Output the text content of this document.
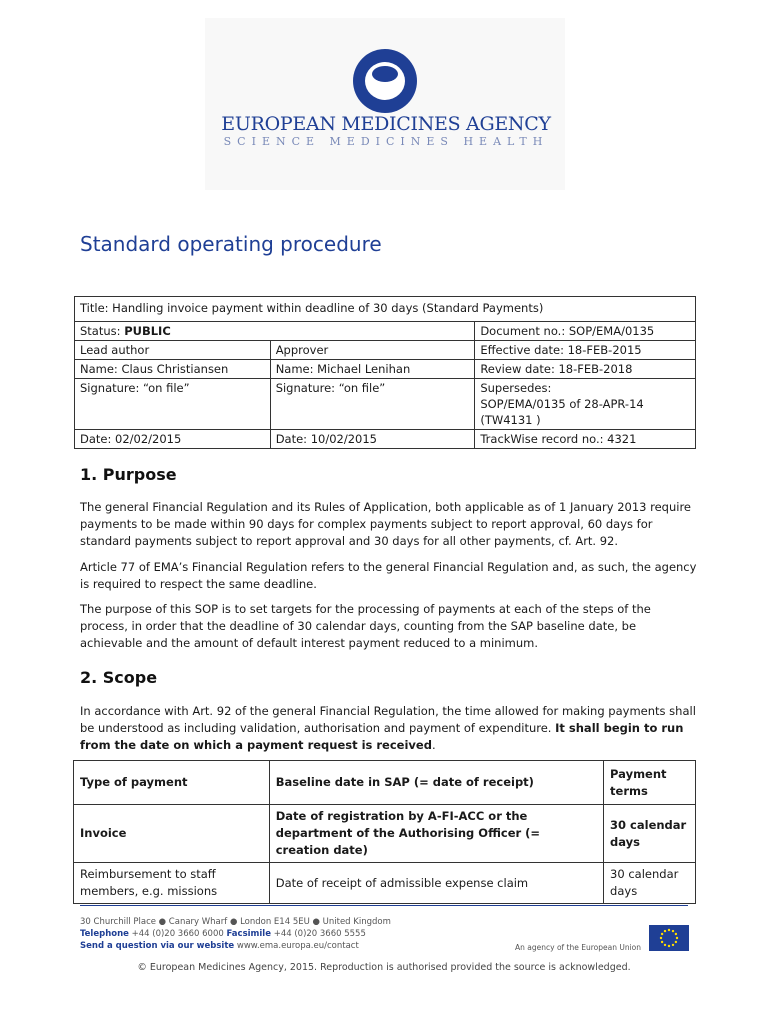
EUROPEAN MEDICINES AGENCY
SCIENCE MEDICINES HEALTH
Standard operating procedure
Title: Handling invoice payment within deadline of 30 days (Standard Payments)		
Status: PUBLIC		Document no.: SOP/EMA/0135
Lead author	Approver	Effective date: 18-FEB-2015
Name: Claus Christiansen	Name: Michael Lenihan	Review date: 18-FEB-2018
Signature: “on file”	Signature: “on file”	Supersedes:
SOP/EMA/0135 of 28-APR-14
(TW4131 )

Date: 02/02/2015	Date: 10/02/2015	TrackWise record no.: 4321
1. Purpose

The general Financial Regulation and its Rules of Application, both applicable as of 1 January 2013 require payments to be made within 90 days for complex payments subject to report approval, 60 days for standard payments subject to report approval and 30 days for all other payments, cf. Art. 92.

Article 77 of EMA’s Financial Regulation refers to the general Financial Regulation and, as such, the agency is required to respect the same deadline.

The purpose of this SOP is to set targets for the processing of payments at each of the steps of the process, in order that the deadline of 30 calendar days, counting from the SAP baseline date, be achievable and the amount of default interest payment reduced to a minimum.

2. Scope

In accordance with Art. 92 of the general Financial Regulation, the time allowed for making payments shall be understood as including validation, authorisation and payment of expenditure. It shall begin to run from the date on which a payment request is received.

Type of payment	Baseline date in SAP (= date of receipt)	Payment terms
Invoice	Date of registration by A-FI-ACC or the department of the Authorising Officer (= creation date)	30 calendar days
Reimbursement to staff members, e.g. missions	Date of receipt of admissible expense claim	30 calendar days
30 Churchill Place ● Canary Wharf ● London E14 5EU ● United Kingdom
Telephone +44 (0)20 3660 6000 Facsimile +44 (0)20 3660 5555
Send a question via our website www.ema.europa.eu/contact	An agency of the European Union
© European Medicines Agency, 2015. Reproduction is authorised provided the source is acknowledged.
